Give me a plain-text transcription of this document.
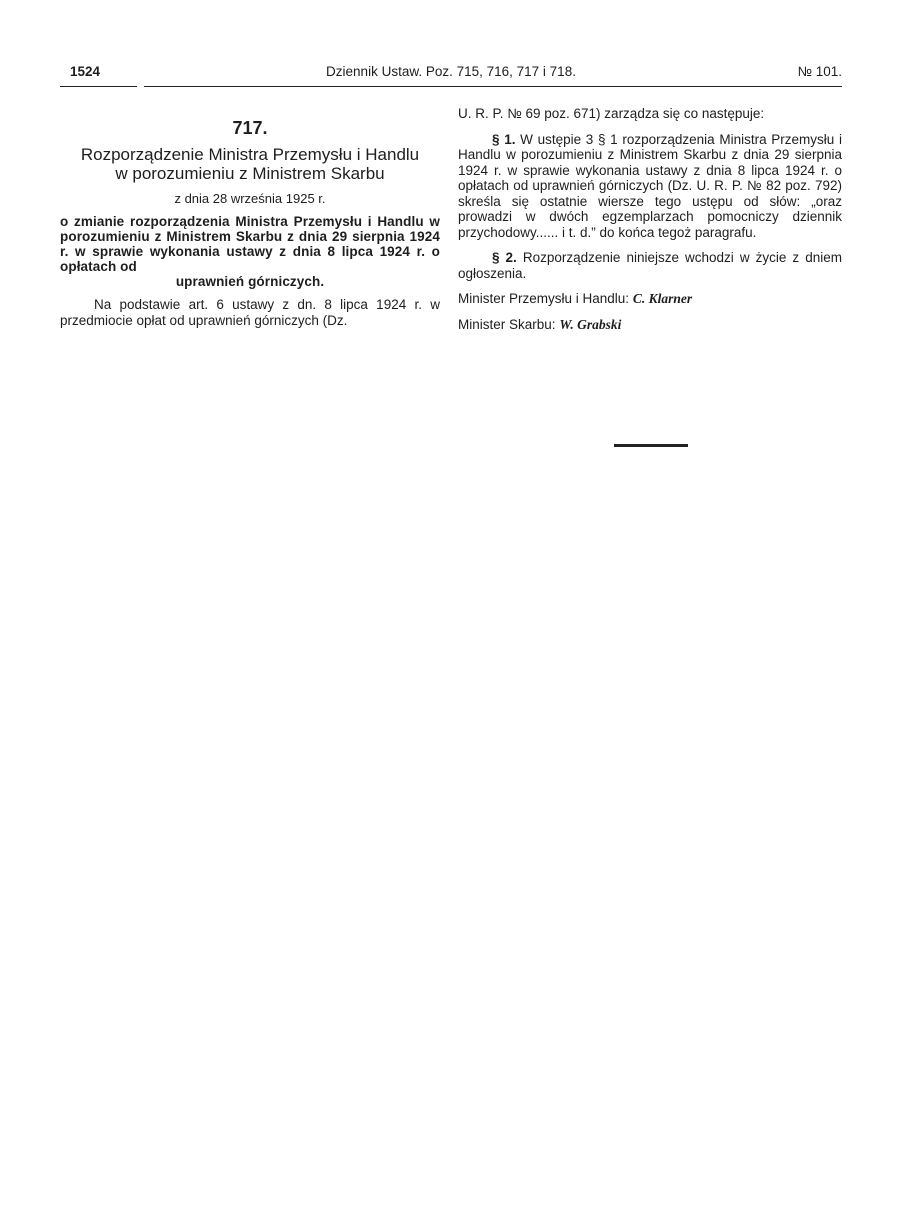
1524	Dziennik Ustaw. Poz. 715, 716, 717 i 718.	№ 101.
717.
Rozporządzenie Ministra Przemysłu i Handlu
w porozumieniu z Ministrem Skarbu
z dnia 28 września 1925 r.
o zmianie rozporządzenia Ministra Przemysłu i Handlu w porozumieniu z Ministrem Skarbu z dnia 29 sierpnia 1924 r. w sprawie wykonania ustawy z dnia 8 lipca 1924 r. o opłatach od
uprawnień górniczych.

Na podstawie art. 6 ustawy z dn. 8 lipca 1924 r. w przedmiocie opłat od uprawnień górniczych (Dz.

U. R. P. № 69 poz. 671) zarządza się co następuje:

§ 1. W ustępie 3 § 1 rozporządzenia Ministra Przemysłu i Handlu w porozumieniu z Ministrem Skarbu z dnia 29 sierpnia 1924 r. w sprawie wykonania ustawy z dnia 8 lipca 1924 r. o opłatach od uprawnień górniczych (Dz. U. R. P. № 82 poz. 792) skreśla się ostatnie wiersze tego ustępu od słów: „oraz prowadzi w dwóch egzemplarzach pomocniczy dziennik przychodowy...... i t. d.” do końca tegoż paragrafu.

§ 2. Rozporządzenie niniejsze wchodzi w życie z dniem ogłoszenia.

Minister Przemysłu i Handlu: C. Klarner
Minister Skarbu: W. Grabski
